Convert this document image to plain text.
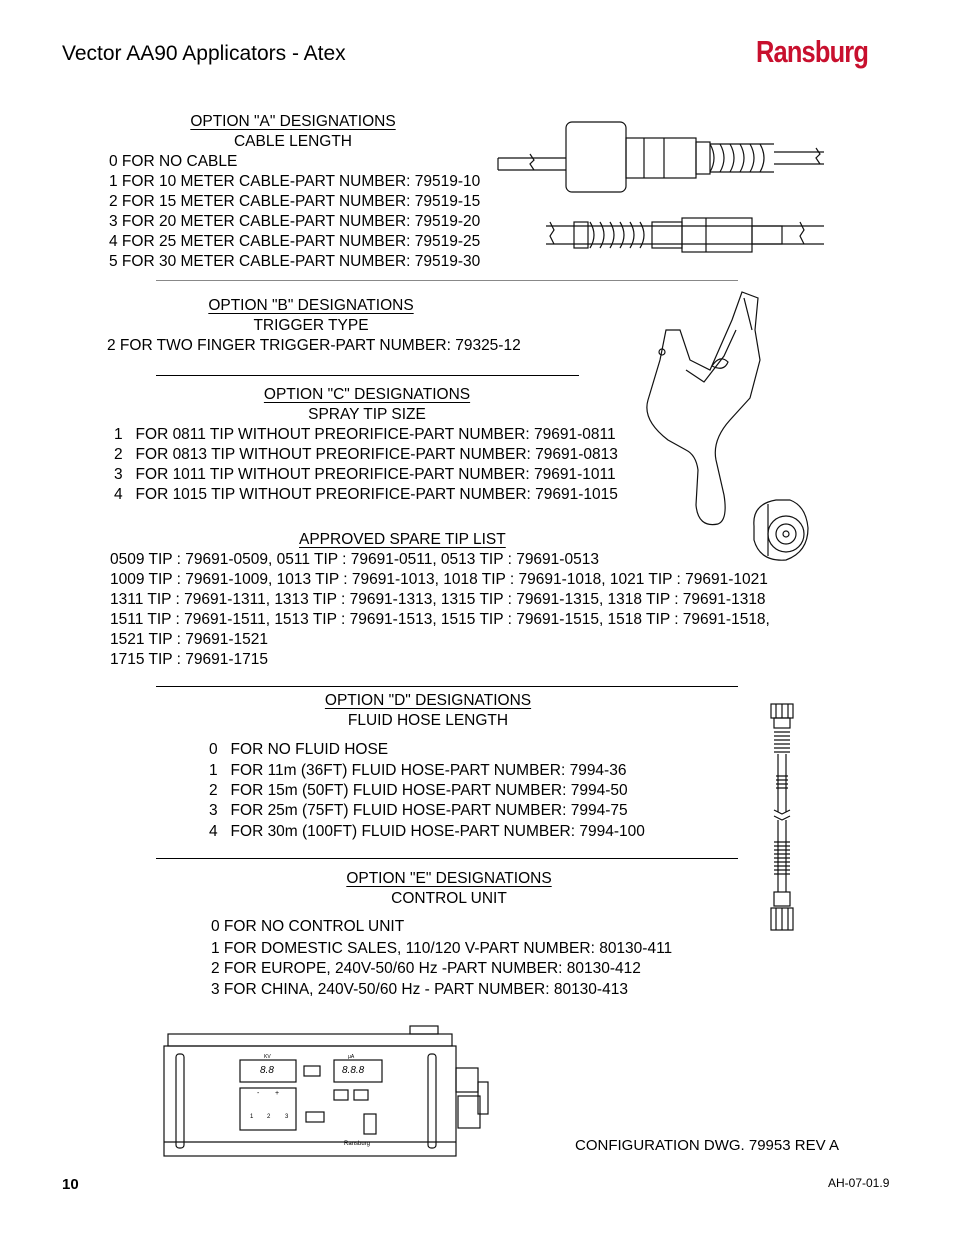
Vector AA90 Applicators - Atex	Ransburg
OPTION "A" DESIGNATIONS
CABLE LENGTH
0 FOR NO CABLE
1 FOR 10 METER CABLE-PART NUMBER: 79519-10
2 FOR 15 METER CABLE-PART NUMBER: 79519-15
3 FOR 20 METER CABLE-PART NUMBER: 79519-20
4 FOR 25 METER CABLE-PART NUMBER: 79519-25
5 FOR 30 METER CABLE-PART NUMBER: 79519-30
OPTION "B" DESIGNATIONS
TRIGGER TYPE
2 FOR TWO FINGER TRIGGER-PART NUMBER: 79325-12
OPTION "C" DESIGNATIONS
SPRAY TIP SIZE
1   FOR 0811 TIP WITHOUT PREORIFICE-PART NUMBER: 79691-0811
2   FOR 0813 TIP WITHOUT PREORIFICE-PART NUMBER: 79691-0813
3   FOR 1011 TIP WITHOUT PREORIFICE-PART NUMBER: 79691-1011
4   FOR 1015 TIP WITHOUT PREORIFICE-PART NUMBER: 79691-1015
APPROVED SPARE TIP LIST
0509 TIP : 79691-0509, 0511 TIP : 79691-0511, 0513 TIP : 79691-0513
1009 TIP : 79691-1009, 1013 TIP : 79691-1013, 1018 TIP : 79691-1018, 1021 TIP : 79691-1021
1311 TIP : 79691-1311, 1313 TIP : 79691-1313, 1315 TIP : 79691-1315, 1318 TIP : 79691-1318
1511 TIP : 79691-1511, 1513 TIP : 79691-1513, 1515 TIP : 79691-1515, 1518 TIP : 79691-1518,
1521 TIP : 79691-1521
1715 TIP : 79691-1715
OPTION "D" DESIGNATIONS
FLUID HOSE LENGTH
0   FOR NO FLUID HOSE
1   FOR 11m (36FT) FLUID HOSE-PART NUMBER: 7994-36
2   FOR 15m (50FT) FLUID HOSE-PART NUMBER: 7994-50
3   FOR 25m (75FT) FLUID HOSE-PART NUMBER: 7994-75
4   FOR 30m (100FT) FLUID HOSE-PART NUMBER: 7994-100
OPTION "E" DESIGNATIONS
CONTROL UNIT
0 FOR NO CONTROL UNIT
1 FOR DOMESTIC SALES, 110/120 V-PART NUMBER: 80130-411
2 FOR EUROPE, 240V-50/60 Hz -PART NUMBER: 80130-412
3 FOR CHINA, 240V-50/60 Hz - PART NUMBER: 80130-413
KV	µA
8.8	8.8.8
- +
1 2 3
Ransburg	CONFIGURATION DWG. 79953 REV A
10	AH-07-01.9
